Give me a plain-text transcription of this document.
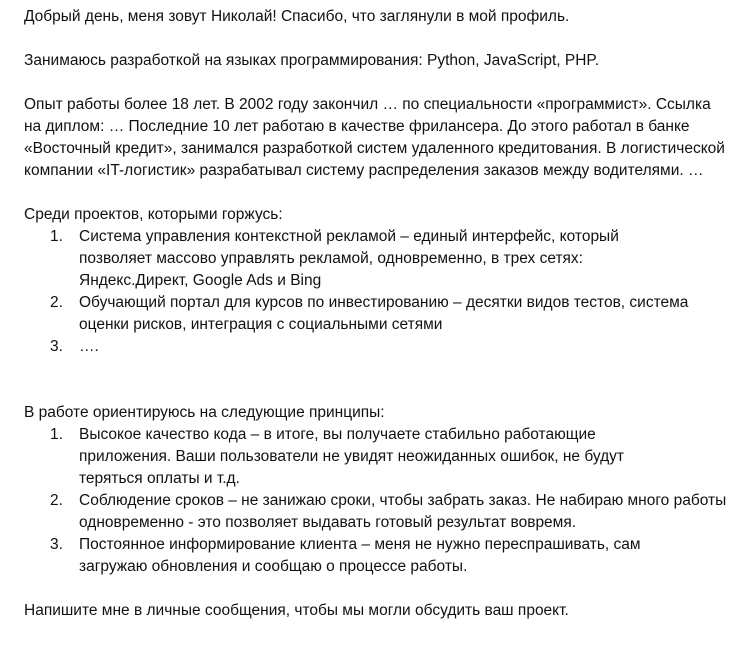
Добрый день, меня зовут Николай! Спасибо, что заглянули в мой профиль.

Занимаюсь разработкой на языках программирования: Python, JavaScript, PHP.

Опыт работы более 18 лет. В 2002 году закончил … по специальности «программист». Ссылка на диплом: … Последние 10 лет работаю в качестве фрилансера. До этого работал в банке «Восточный кредит», занимался разработкой систем удаленного кредитования. В логистической компании «IT-логистик» разрабатывал систему распределения заказов между водителями. …

Среди проектов, которыми горжусь:

1. Система управления контекстной рекламой – единый интерфейс, который позволяет массово управлять рекламой, одновременно, в трех сетях: Яндекс.Директ, Google Ads и Bing
2. Обучающий портал для курсов по инвестированию – десятки видов тестов, система оценки рисков, интеграция с социальными сетями
3. ….

В работе ориентируюсь на следующие принципы:

1. Высокое качество кода – в итоге, вы получаете стабильно работающие приложения. Ваши пользователи не увидят неожиданных ошибок, не будут теряться оплаты и т.д.
2. Соблюдение сроков – не занижаю сроки, чтобы забрать заказ. Не набираю много работы одновременно - это позволяет выдавать готовый результат вовремя.
3. Постоянное информирование клиента – меня не нужно переспрашивать, сам загружаю обновления и сообщаю о процессе работы.

Напишите мне в личные сообщения, чтобы мы могли обсудить ваш проект.
